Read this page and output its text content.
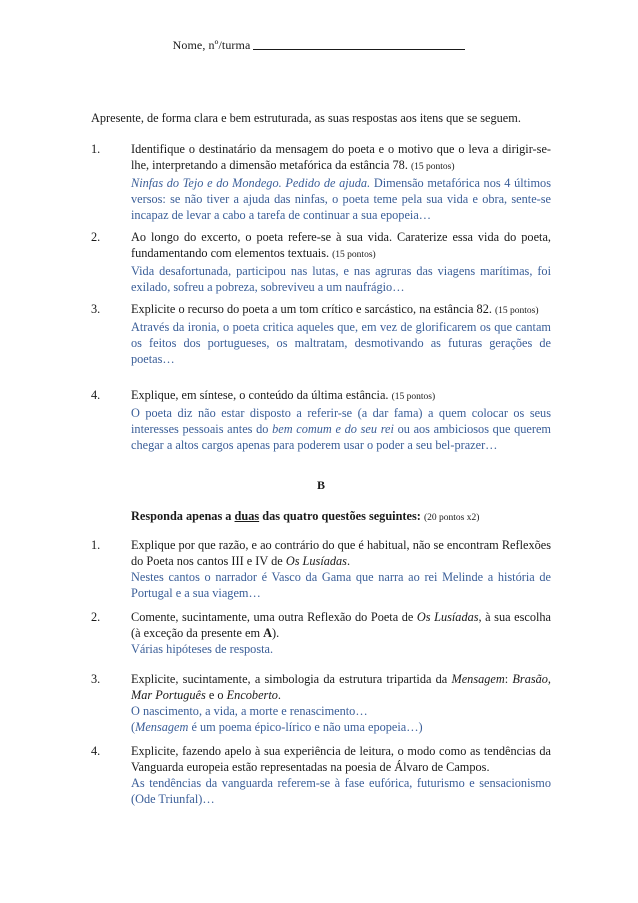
Nome, nº/turma
Apresente, de forma clara e bem estruturada, as suas respostas aos itens que se seguem.
1.	Identifique o destinatário da mensagem do poeta e o motivo que o leva a dirigir-se-lhe, interpretando a dimensão metafórica da estância 78. (15 pontos)
Ninfas do Tejo e do Mondego. Pedido de ajuda. Dimensão metafórica nos 4 últimos versos: se não tiver a ajuda das ninfas, o poeta teme pela sua vida e obra, sente-se incapaz de levar a cabo a tarefa de continuar a sua epopeia…
2.	Ao longo do excerto, o poeta refere-se à sua vida. Caraterize essa vida do poeta, fundamentando com elementos textuais. (15 pontos)
Vida desafortunada, participou nas lutas, e nas agruras das viagens marítimas, foi exilado, sofreu a pobreza, sobreviveu a um naufrágio…
3.	Explicite o recurso do poeta a um tom crítico e sarcástico, na estância 82. (15 pontos)
Através da ironia, o poeta critica aqueles que, em vez de glorificarem os que cantam os feitos dos portugueses, os maltratam, desmotivando as futuras gerações de poetas…
4.	Explique, em síntese, o conteúdo da última estância. (15 pontos)
O poeta diz não estar disposto a referir-se (a dar fama) a quem colocar os seus interesses pessoais antes do bem comum e do seu rei ou aos ambiciosos que querem chegar a altos cargos apenas para poderem usar o poder a seu bel-prazer…
B
Responda apenas a duas das quatro questões seguintes: (20 pontos x2)
1.	Explique por que razão, e ao contrário do que é habitual, não se encontram Reflexões do Poeta nos cantos III e IV de Os Lusíadas.
Nestes cantos o narrador é Vasco da Gama que narra ao rei Melinde a história de Portugal e a sua viagem…
2.	Comente, sucintamente, uma outra Reflexão do Poeta de Os Lusíadas, à sua escolha (à exceção da presente em A).
Várias hipóteses de resposta.
3.	Explicite, sucintamente, a simbologia da estrutura tripartida da Mensagem: Brasão, Mar Português e o Encoberto.
O nascimento, a vida, a morte e renascimento…
(Mensagem é um poema épico-lírico e não uma epopeia…)
4.	Explicite, fazendo apelo à sua experiência de leitura, o modo como as tendências da Vanguarda europeia estão representadas na poesia de Álvaro de Campos.
As tendências da vanguarda referem-se à fase eufórica, futurismo e sensacionismo (Ode Triunfal)…
